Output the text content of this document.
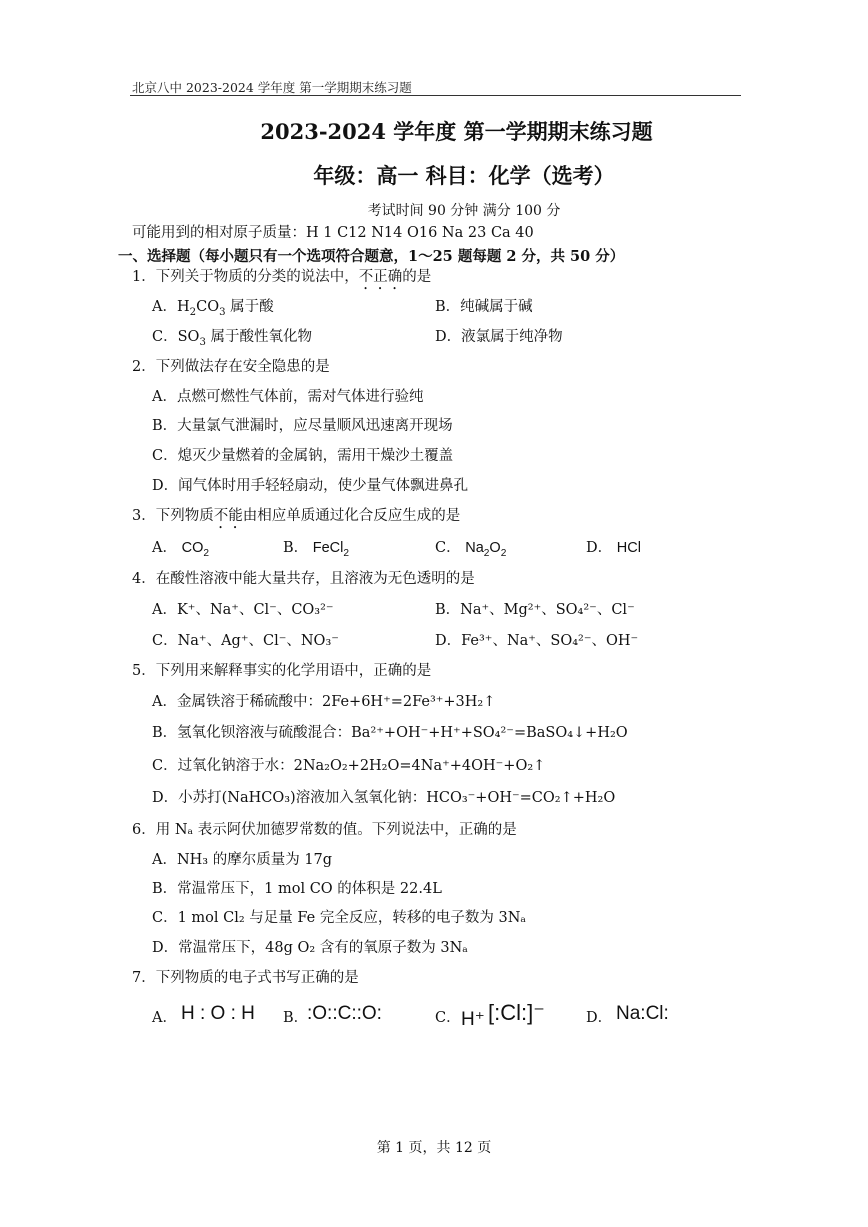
北京八中 2023-2024 学年度 第一学期期末练习题
2023-2024 学年度 第一学期期末练习题
年级：高一 科目：化学（选考）
考试时间 90 分钟 满分 100 分
可能用到的相对原子质量：H 1 C12 N14 O16 Na 23 Ca 40
一、选择题（每小题只有一个选项符合题意，1～25 题每题 2 分，共 50 分）
1．下列关于物质的分类的说法中，不正确的是
A．$H_2CO_3$ 属于酸	B．纯碱属于碱
C．$SO_3$ 属于酸性氧化物	D．液氯属于纯净物
2．下列做法存在安全隐患的是
A．点燃可燃性气体前，需对气体进行验纯
B．大量氯气泄漏时，应尽量顺风迅速离开现场
C．熄灭少量燃着的金属钠，需用干燥沙土覆盖
D．闻气体时用手轻轻扇动，使少量气体飘进鼻孔
3．下列物质不能由相应单质通过化合反应生成的是
A． $CO_2$	B． FeCl$_2$	C． $Na_2O_2$	D． HCl
4．在酸性溶液中能大量共存，且溶液为无色透明的是
A．K⁺、Na⁺、Cl⁻、CO₃²⁻	B．Na⁺、Mg²⁺、SO₄²⁻、Cl⁻
C．Na⁺、Ag⁺、Cl⁻、NO₃⁻	D．Fe³⁺、Na⁺、SO₄²⁻、OH⁻
5．下列用来解释事实的化学用语中，正确的是
A．金属铁溶于稀硫酸中：2Fe+6H⁺=2Fe³⁺+3H₂↑
B．氢氧化钡溶液与硫酸混合：Ba²⁺+OH⁻+H⁺+SO₄²⁻=BaSO₄↓+H₂O
C．过氧化钠溶于水：2Na₂O₂+2H₂O=4Na⁺+4OH⁻+O₂↑
D．小苏打(NaHCO₃)溶液加入氢氧化钠：HCO₃⁻+OH⁻=CO₂↑+H₂O
6．用 Nₐ 表示阿伏加德罗常数的值。下列说法中，正确的是
A．NH₃ 的摩尔质量为 17g
B．常温常压下，1 mol CO 的体积是 22.4L
C．1 mol Cl₂ 与足量 Fe 完全反应，转移的电子数为 3Nₐ
D．常温常压下，48g O₂ 含有的氧原子数为 3Nₐ
7．下列物质的电子式书写正确的是
A． H : O : H B．
:O::C::O:	C． H⁺ [:Cl:]⁻	D． Na:Cl:
第 1 页，共 12 页
